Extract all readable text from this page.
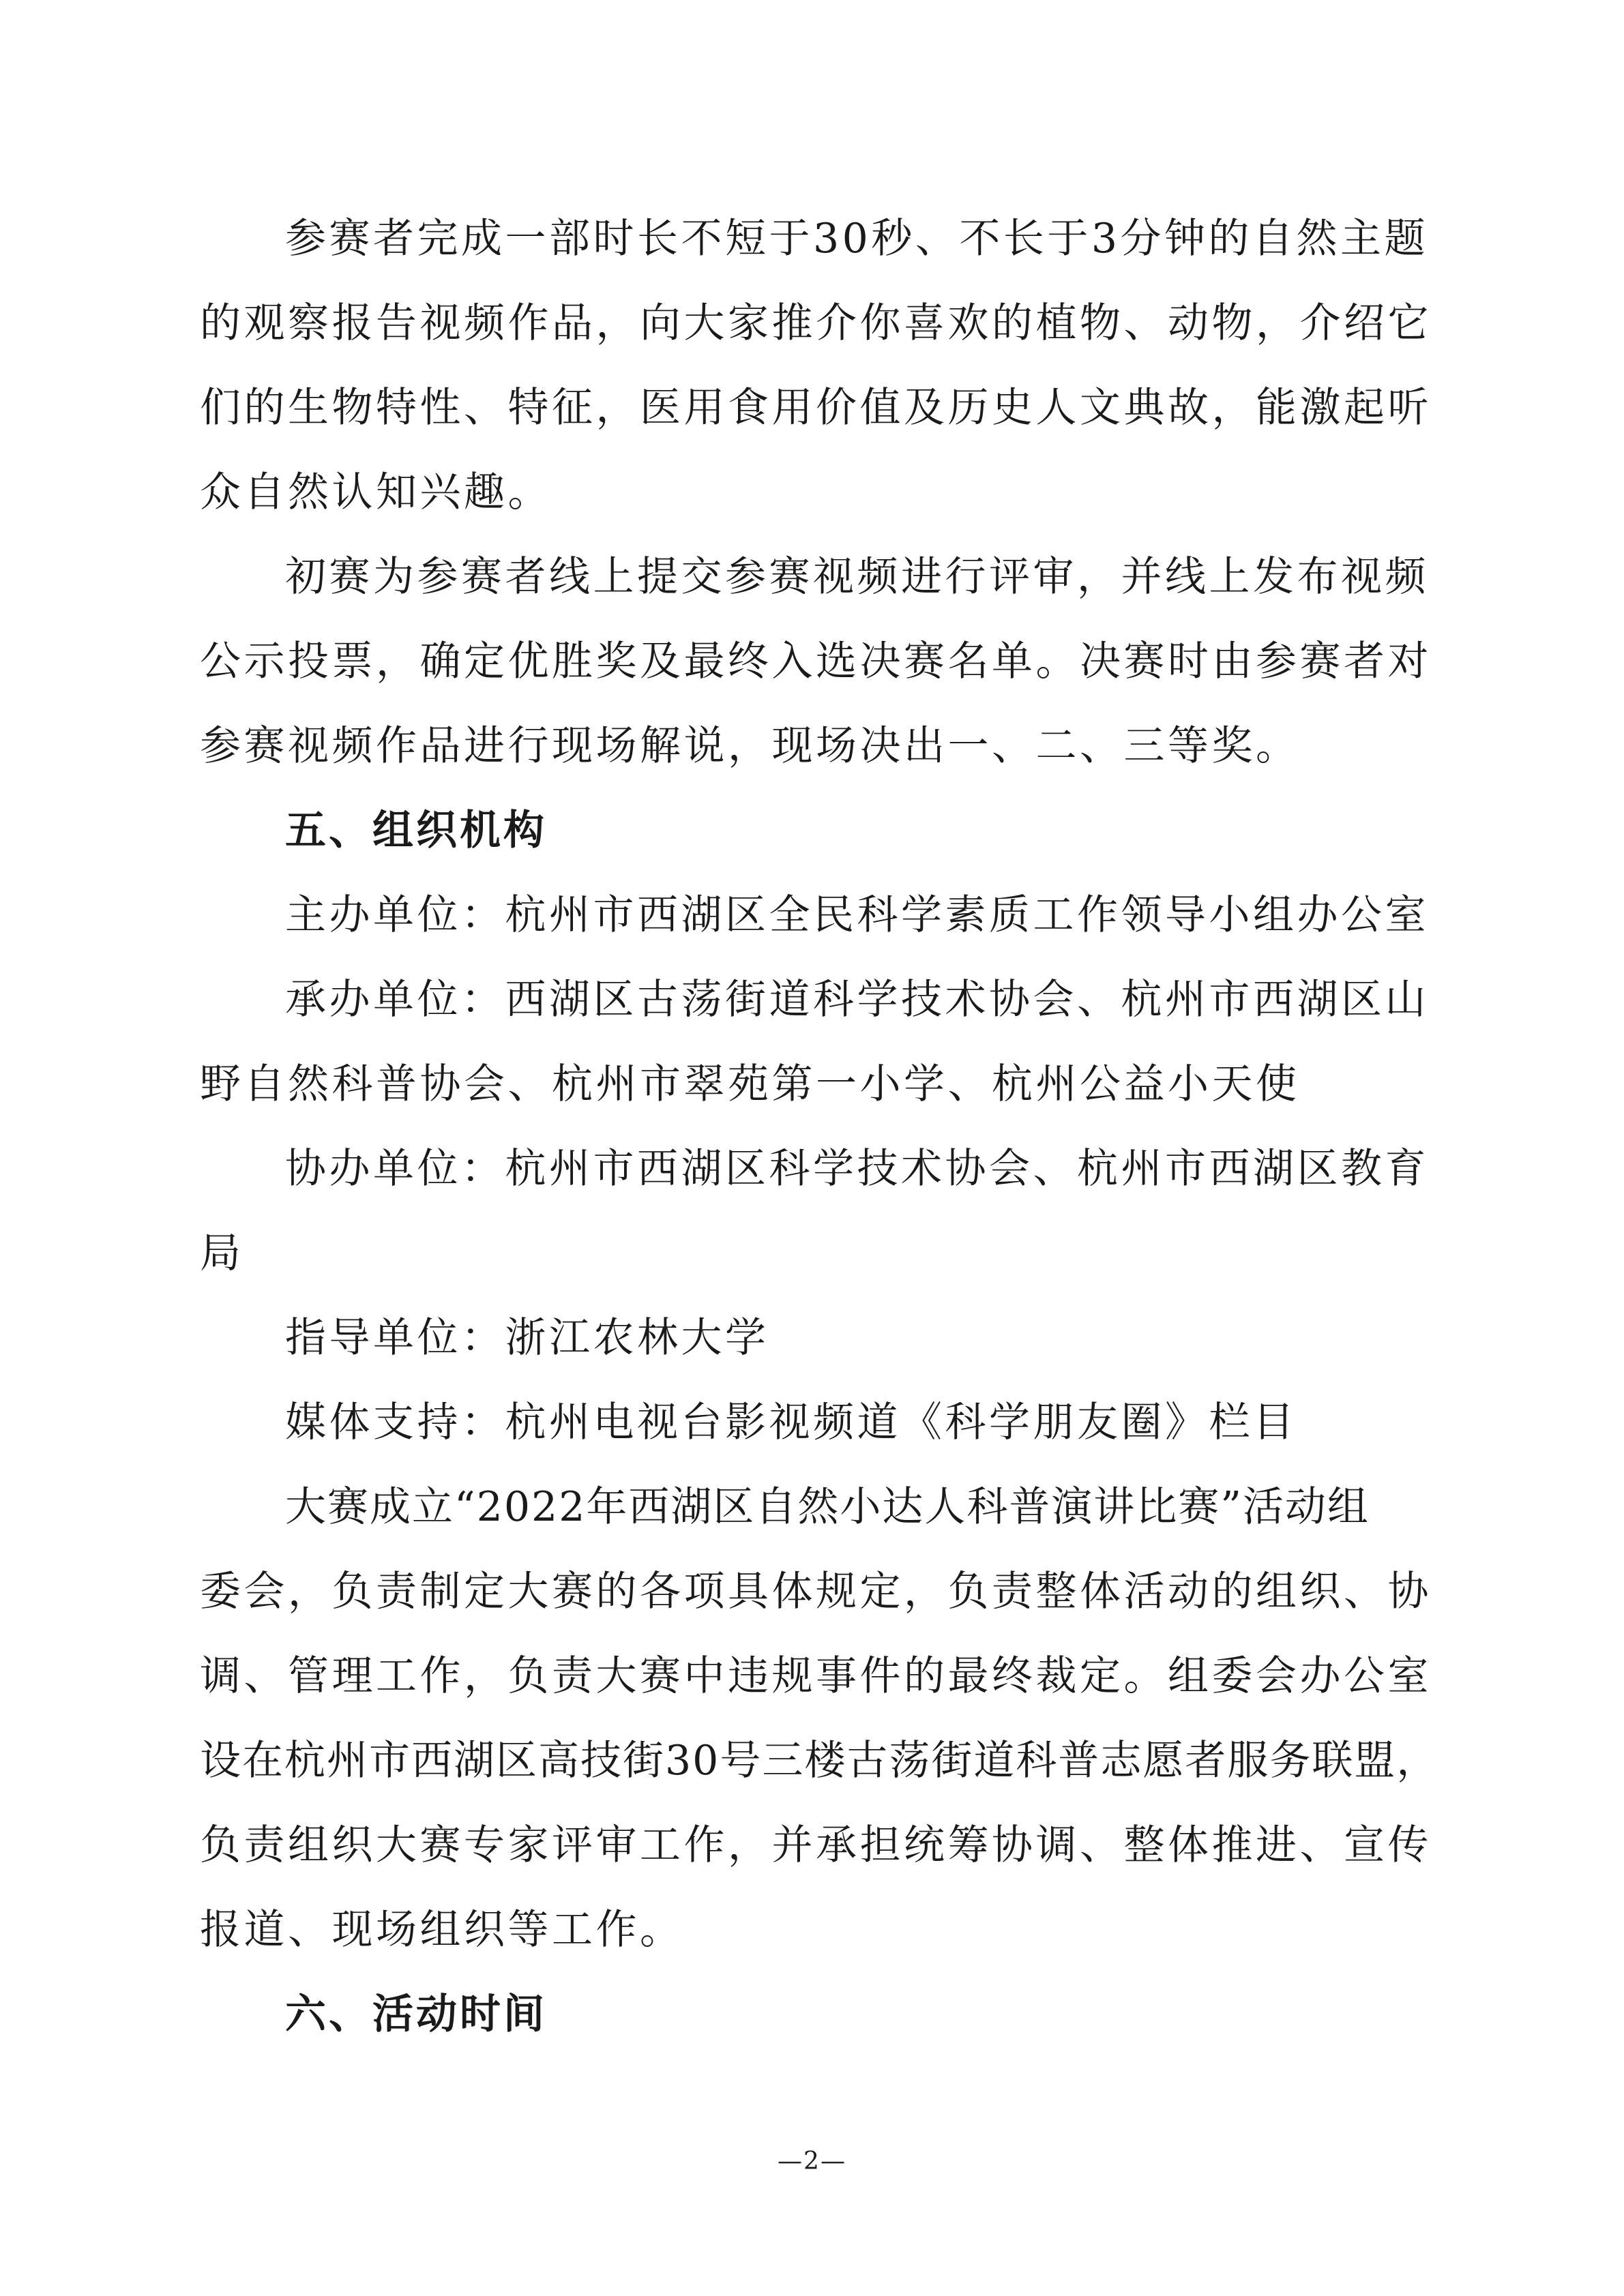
参赛者完成一部时长不短于30秒、不长于3分钟的自然主题
的观察报告视频作品，向大家推介你喜欢的植物、动物，介绍它
们的生物特性、特征，医用食用价值及历史人文典故，能激起听
众自然认知兴趣。
初赛为参赛者线上提交参赛视频进行评审，并线上发布视频
公示投票，确定优胜奖及最终入选决赛名单。决赛时由参赛者对
参赛视频作品进行现场解说，现场决出一、二、三等奖。
五、组织机构
主办单位：杭州市西湖区全民科学素质工作领导小组办公室
承办单位：西湖区古荡街道科学技术协会、杭州市西湖区山
野自然科普协会、杭州市翠苑第一小学、杭州公益小天使
协办单位：杭州市西湖区科学技术协会、杭州市西湖区教育
局
指导单位：浙江农林大学
媒体支持：杭州电视台影视频道《科学朋友圈》栏目
大赛成立“2022年西湖区自然小达人科普演讲比赛”活动组
委会，负责制定大赛的各项具体规定，负责整体活动的组织、协
调、管理工作，负责大赛中违规事件的最终裁定。组委会办公室
设在杭州市西湖区高技街30号三楼古荡街道科普志愿者服务联盟，
负责组织大赛专家评审工作，并承担统筹协调、整体推进、宣传
报道、现场组织等工作。
六、活动时间
—2—
